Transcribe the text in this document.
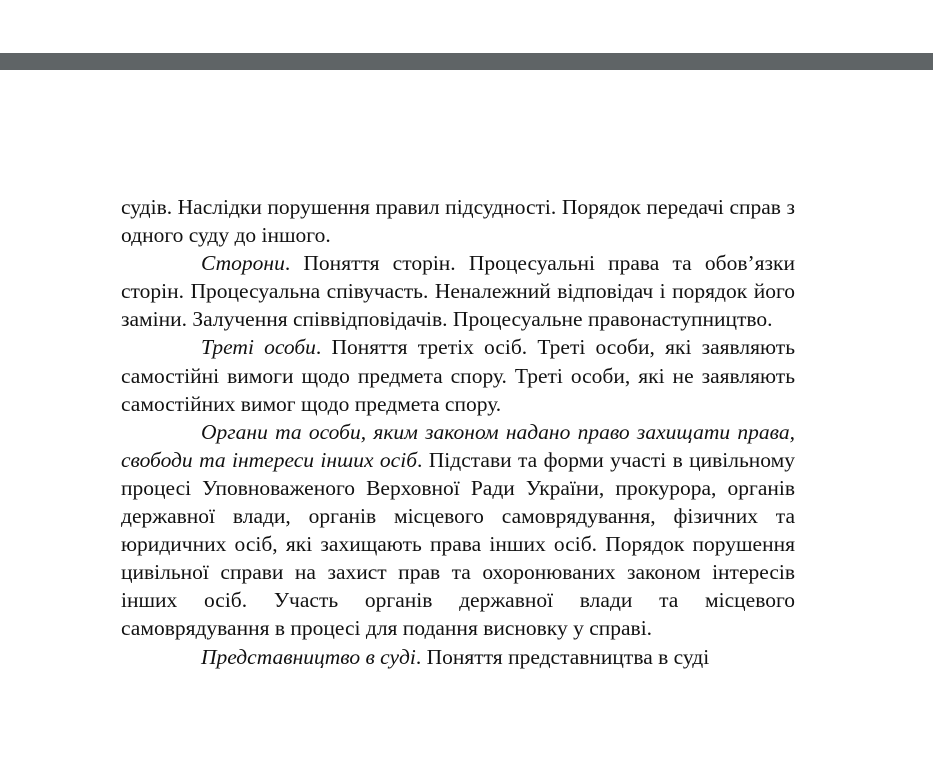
судів. Наслідки порушення правил підсудності. Порядок передачі справ з одного суду до іншого.

Сторони. Поняття сторін. Процесуальні права та обов’язки сторін. Процесуальна співучасть. Неналежний відповідач і порядок його заміни. Залучення співвідповідачів. Процесуальне правонаступництво.

Треті особи. Поняття третіх осіб. Треті особи, які заявляють самостійні вимоги щодо предмета спору. Треті особи, які не заявляють самостійних вимог щодо предмета спору.

Органи та особи, яким законом надано право захищати права, свободи та інтереси інших осіб. Підстави та форми участі в цивільному процесі Уповноваженого Верховної Ради України, прокурора, органів державної влади, органів місцевого самоврядування, фізичних та юридичних осіб, які захищають права інших осіб. Порядок порушення цивільної справи на захист прав та охоронюваних законом інтересів інших осіб. Участь органів державної влади та місцевого самоврядування в процесі для подання висновку у справі.

Представництво в суді. Поняття представництва в суді
